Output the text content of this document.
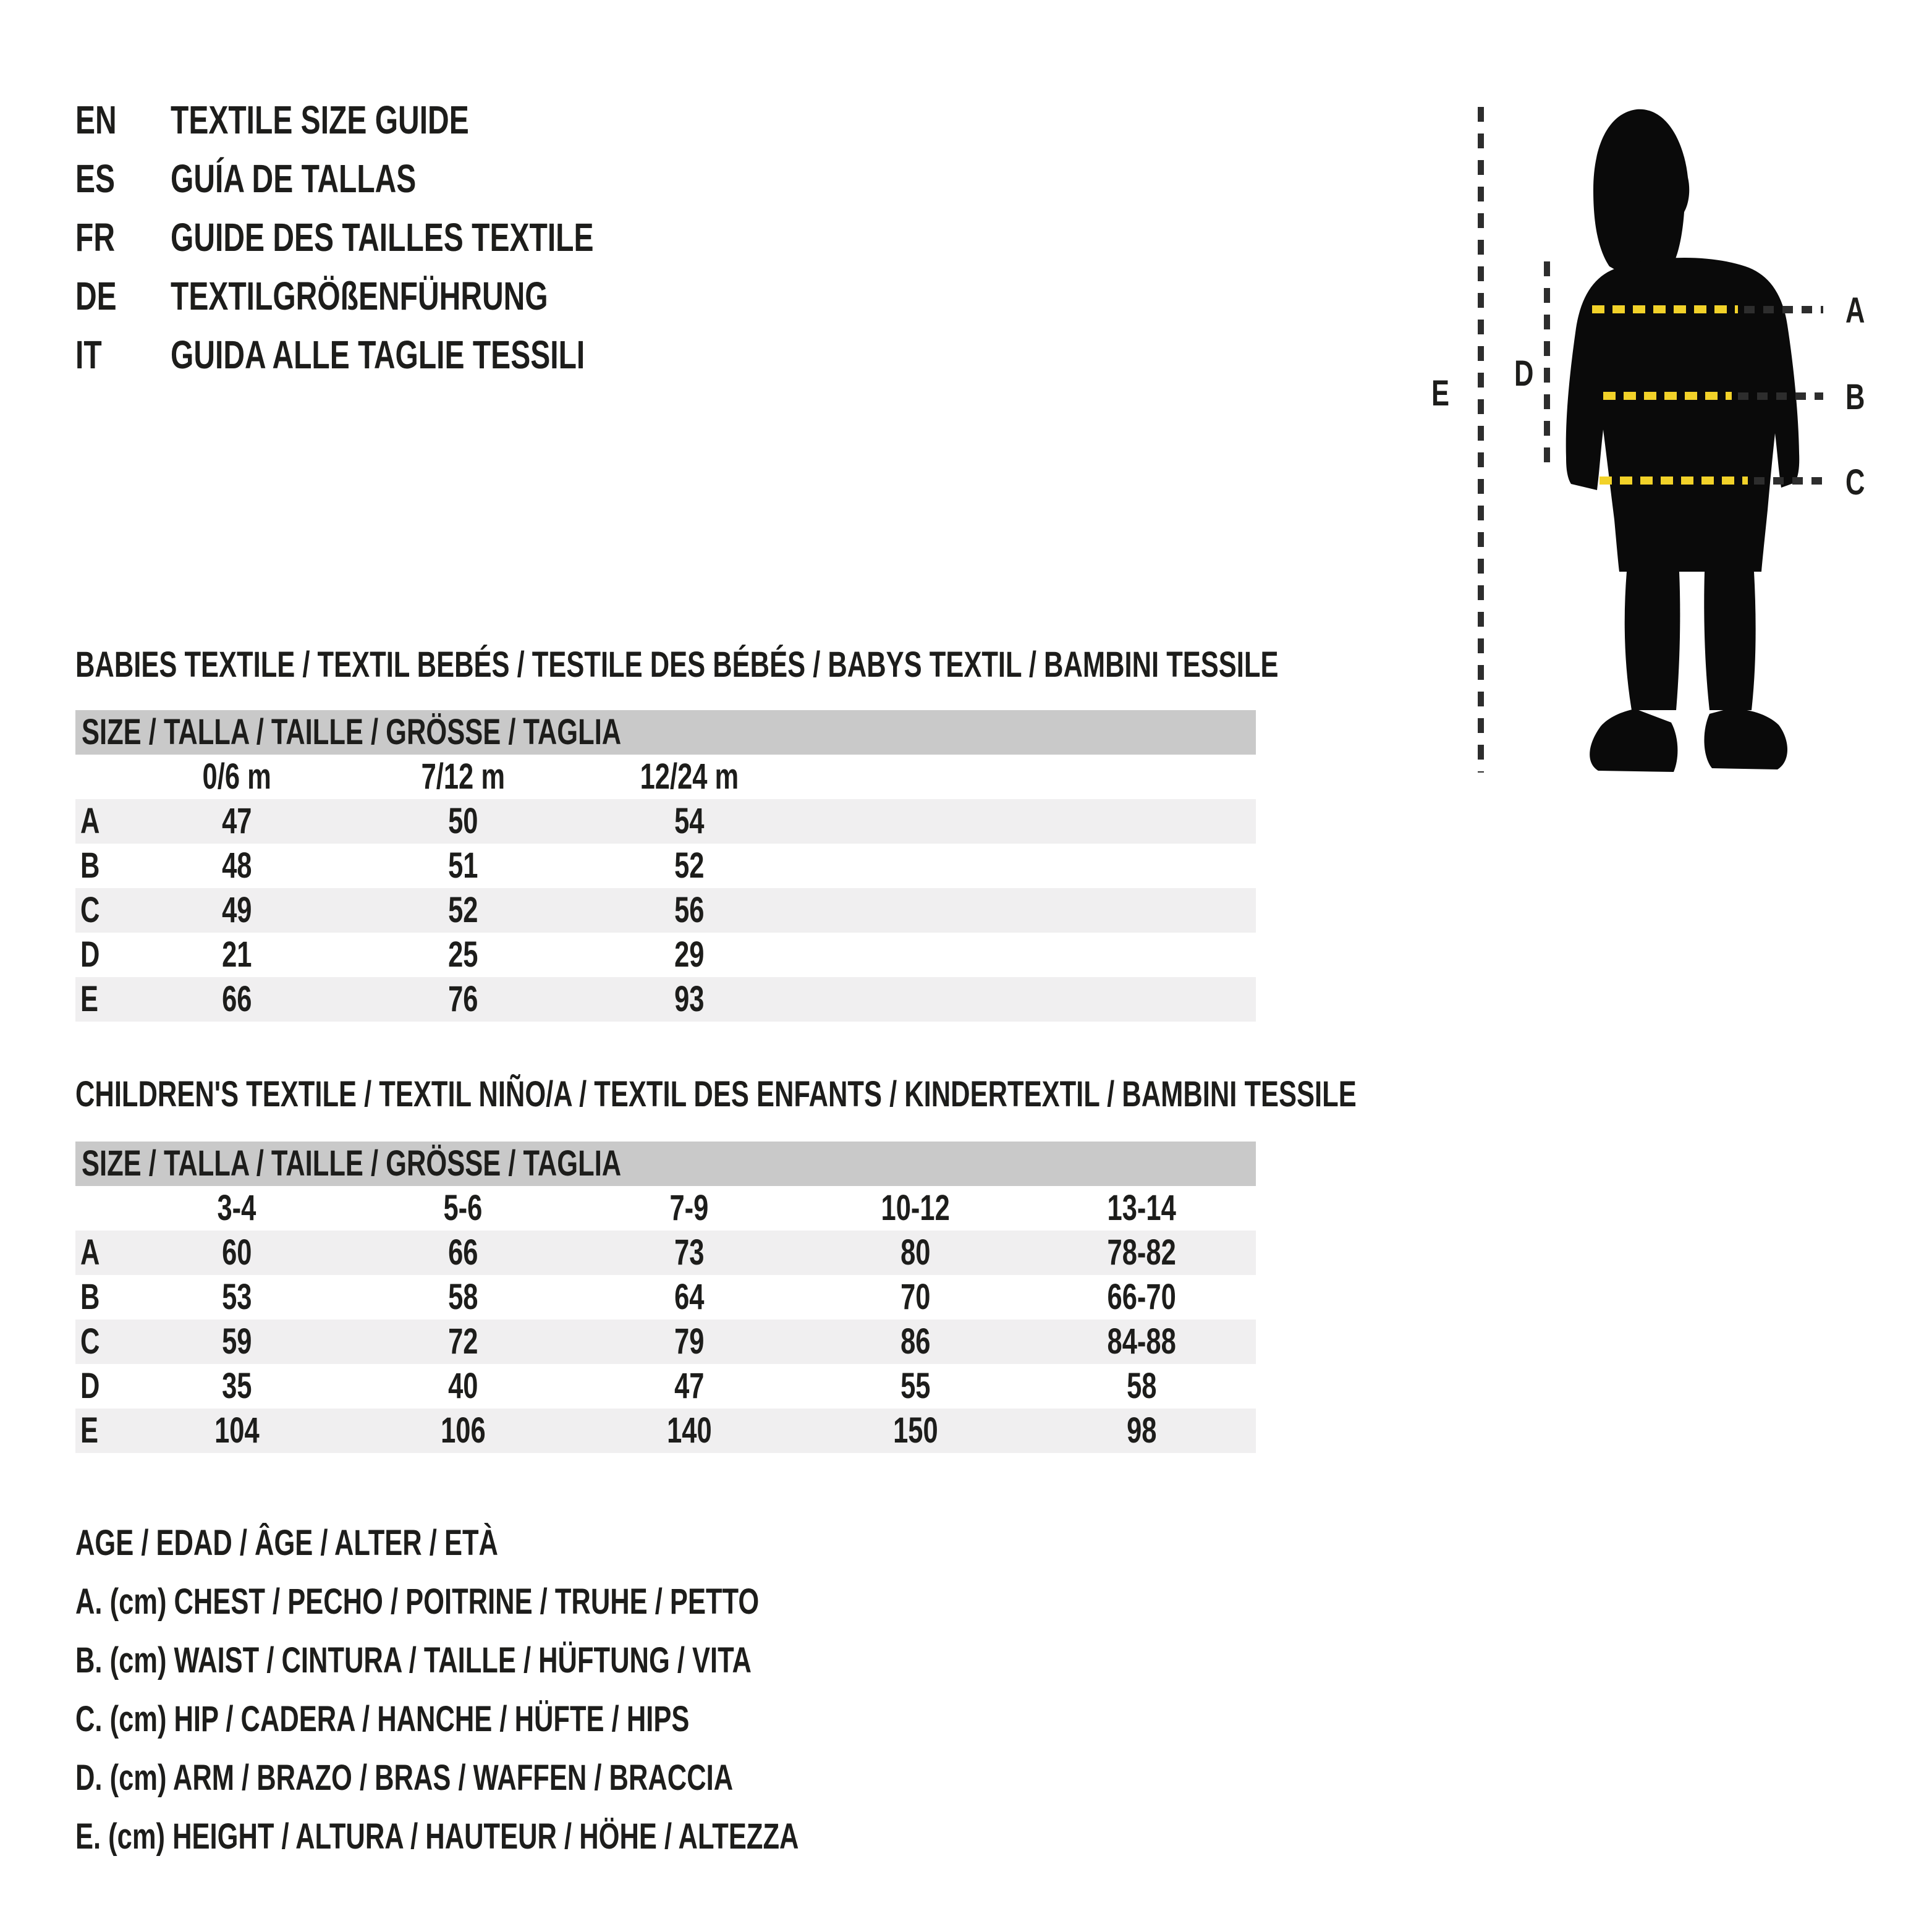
EN	TEXTILE SIZE GUIDE
ES	GUÍA DE TALLAS
FR	GUIDE DES TAILLES TEXTILE
DE	TEXTILGRÖßENFÜHRUNG
IT GUIDA ALLE TAGLIE TESSILI
E D
A
B
C
BABIES TEXTILE / TEXTIL BEBÉS / TESTILE DES BÉBÉS / BABYS TEXTIL / BAMBINI TESSILE
SIZE / TALLA / TAILLE / GRÖSSE / TAGLIA
0/6 m	7/12 m	12/24 m
A	47	50	54
B	48	51	52
C	49	52	56
D	21	25	29
E	66	76	93
CHILDREN'S TEXTILE / TEXTIL NIÑO/A / TEXTIL DES ENFANTS / KINDERTEXTIL / BAMBINI TESSILE
SIZE / TALLA / TAILLE / GRÖSSE / TAGLIA
3-4	5-6	7-9	10-12	13-14
A	60	66	73	80	78-82
B	53	58	64	70	66-70
C	59	72	79	86	84-88
D	35	40	47	55	58
E	104	106	140	150	98
AGE / EDAD / ÂGE / ALTER / ETÀ
A. (cm) CHEST / PECHO / POITRINE / TRUHE / PETTO
B. (cm) WAIST / CINTURA / TAILLE / HÜFTUNG / VITA
C. (cm) HIP / CADERA / HANCHE / HÜFTE / HIPS
D. (cm) ARM / BRAZO / BRAS / WAFFEN / BRACCIA
E. (cm) HEIGHT / ALTURA / HAUTEUR / HÖHE / ALTEZZA
